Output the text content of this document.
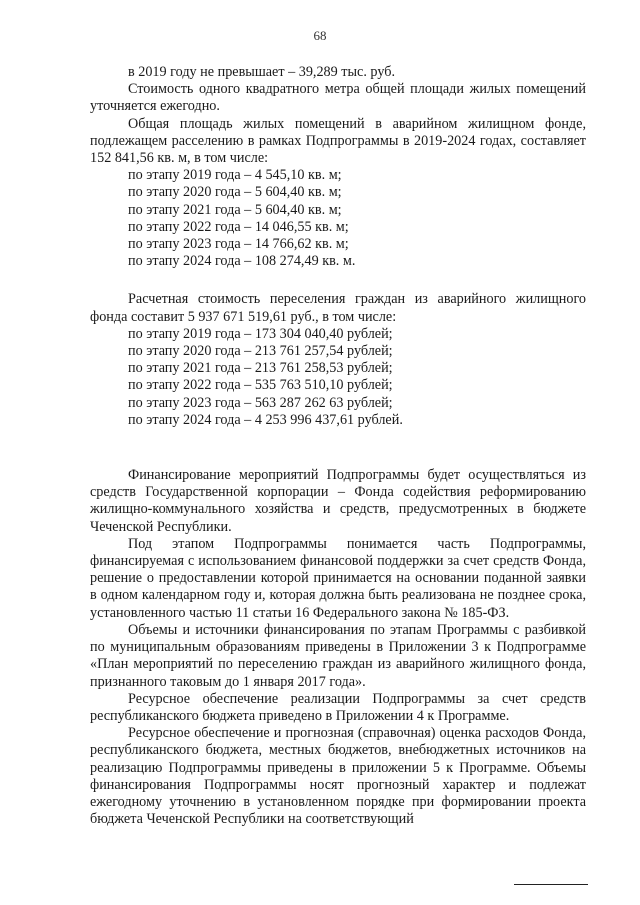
68

в 2019 году не превышает – 39,289 тыс. руб.

Стоимость одного квадратного метра общей площади жилых помещений уточняется ежегодно.

Общая площадь жилых помещений в аварийном жилищном фонде, подлежащем расселению в рамках Подпрограммы в 2019-2024 годах, составляет 152 841,56 кв. м, в том числе:

по этапу 2019 года – 4 545,10 кв. м;
по этапу 2020 года – 5 604,40 кв. м;
по этапу 2021 года – 5 604,40 кв. м;
по этапу 2022 года – 14 046,55 кв. м;
по этапу 2023 года – 14 766,62 кв. м;
по этапу 2024 года – 108 274,49 кв. м.

Расчетная стоимость переселения граждан из аварийного жилищного фонда составит 5 937 671 519,61 руб., в том числе:

по этапу 2019 года – 173 304 040,40 рублей;
по этапу 2020 года – 213 761 257,54 рублей;
по этапу 2021 года – 213 761 258,53 рублей;
по этапу 2022 года – 535 763 510,10 рублей;
по этапу 2023 года – 563 287 262 63 рублей;
по этапу 2024 года – 4 253 996 437,61 рублей.

Финансирование мероприятий Подпрограммы будет осуществляться из средств Государственной корпорации – Фонда содействия реформированию жилищно-коммунального хозяйства и средств, предусмотренных в бюджете Чеченской Республики.

Под этапом Подпрограммы понимается часть Подпрограммы, финансируемая с использованием финансовой поддержки за счет средств Фонда, решение о предоставлении которой принимается на основании поданной заявки в одном календарном году и, которая должна быть реализована не позднее срока, установленного частью 11 статьи 16 Федерального закона № 185-ФЗ.

Объемы и источники финансирования по этапам Программы с разбивкой по муниципальным образованиям приведены в Приложении 3 к Подпрограмме «План мероприятий по переселению граждан из аварийного жилищного фонда, признанного таковым до 1 января 2017 года».

Ресурсное обеспечение реализации Подпрограммы за счет средств республиканского бюджета приведено в Приложении 4 к Программе.

Ресурсное обеспечение и прогнозная (справочная) оценка расходов Фонда, республиканского бюджета, местных бюджетов, внебюджетных источников на реализацию Подпрограммы приведены в приложении 5 к Программе. Объемы финансирования Подпрограммы носят прогнозный характер и подлежат ежегодному уточнению в установленном порядке при формировании проекта бюджета Чеченской Республики на соответствующий
